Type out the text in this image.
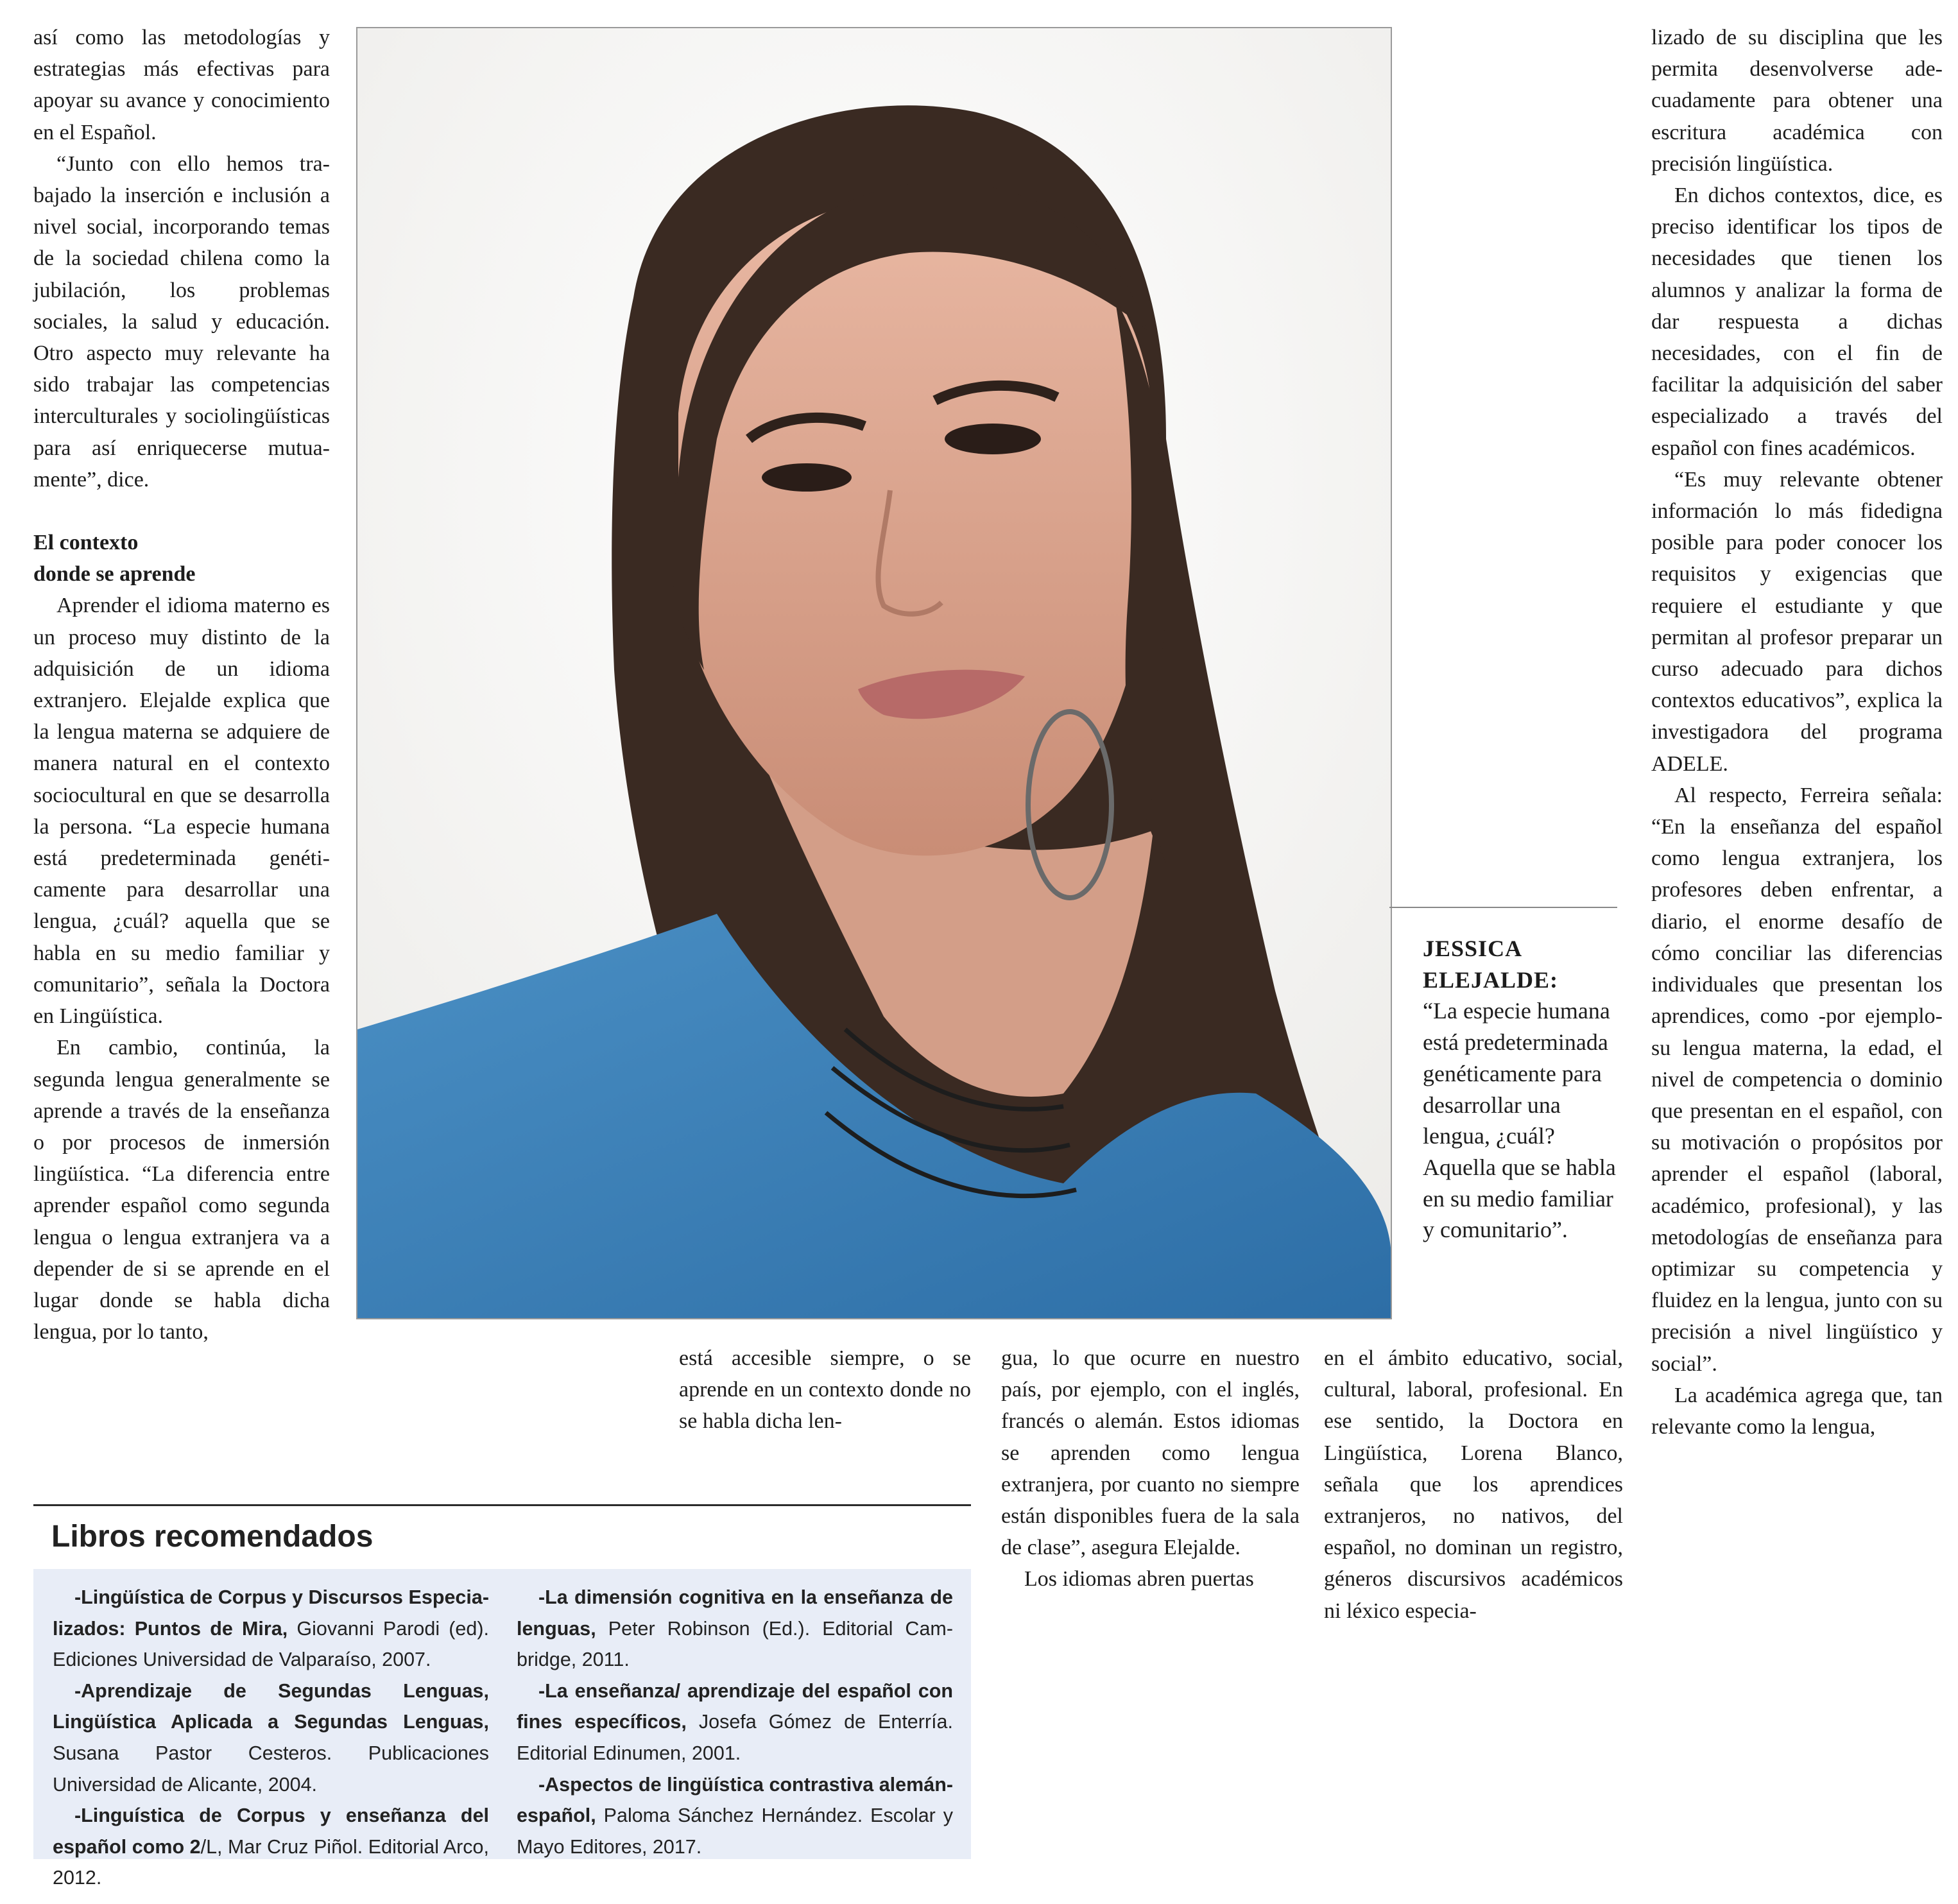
así como las metodologías y estrategias más efectivas para apoyar su avance y conocimiento en el Español.

“Junto con ello hemos trabajado la inserción e inclusión a nivel social, incorporando temas de la sociedad chilena como la jubilación, los problemas sociales, la salud y educación. Otro aspecto muy relevante ha sido trabajar las competencias interculturales y sociolingüísticas para así enriquecerse mutuamente”, dice.

El contexto
donde se aprende

Aprender el idioma materno es un proceso muy distinto de la adquisición de un idioma extranjero. Elejalde explica que la lengua materna se adquiere de manera natural en el contexto sociocultural en que se desarrolla la persona. “La especie humana está predeterminada genéticamente para desarrollar una lengua, ¿cuál? aquella que se habla en su medio familiar y comunitario”, señala la Doctora en Lingüística.

En cambio, continúa, la segunda lengua generalmente se aprende a través de la enseñanza o por procesos de inmersión lingüística. “La diferencia entre aprender español como segunda lengua o lengua extranjera va a depender de si se aprende en el lugar donde se habla dicha lengua, por lo tanto,

JESSICA
ELEJALDE:
“La especie humana está predeterminada genéticamente para desarrollar una lengua, ¿cuál? Aquella que se habla en su medio familiar y comunitario”.

está accesible siempre, o se aprende en un contexto donde no se habla dicha len-

gua, lo que ocurre en nuestro país, por ejemplo, con el inglés, francés o alemán. Estos idiomas se aprenden como lengua extranjera, por cuanto no siempre están disponibles fuera de la sala de clase”, asegura Elejalde.

Los idiomas abren puertas

en el ámbito educativo, social, cultural, laboral, profesional. En ese sentido, la Doctora en Lingüística, Lorena Blanco, señala que los aprendices extranjeros, no nativos, del español, no dominan un registro, géneros discursivos académicos ni léxico especia-

lizado de su disciplina que les permita desenvolverse adecuadamente para obtener una escritura académica con precisión lingüística.

En dichos contextos, dice, es preciso identificar los tipos de necesidades que tienen los alumnos y analizar la forma de dar respuesta a dichas necesidades, con el fin de facilitar la adquisición del saber especializado a través del español con fines académicos.

“Es muy relevante obtener información lo más fidedigna posible para poder conocer los requisitos y exigencias que requiere el estudiante y que permitan al profesor preparar un curso adecuado para dichos contextos educativos”, explica la investigadora del programa ADELE.

Al respecto, Ferreira señala: “En la enseñanza del español como lengua extranjera, los profesores deben enfrentar, a diario, el enorme desafío de cómo conciliar las diferencias individuales que presentan los aprendices, como -por ejemplo- su lengua materna, la edad, el nivel de competencia o dominio que presentan en el español, con su motivación o propósitos por aprender el español (laboral, académico, profesional), y las metodologías de enseñanza para optimizar su competencia y fluidez en la lengua, junto con su precisión a nivel lingüístico y social”.

La académica agrega que, tan relevante como la lengua,

Libros recomendados

-Lingüística de Corpus y Discursos Especializados: Puntos de Mira, Giovanni Parodi (ed). Ediciones Universidad de Valparaíso, 2007.

-Aprendizaje de Segundas Lenguas, Lingüística Aplicada a Segundas Lenguas, Susana Pastor Cesteros. Publicaciones Universidad de Alicante, 2004.

-Linguística de Corpus y enseñanza del español como 2/L, Mar Cruz Piñol. Editorial Arco, 2012.

-La dimensión cognitiva en la enseñanza de lenguas, Peter Robinson (Ed.). Editorial Cambridge, 2011.

-La enseñanza/ aprendizaje del español con fines específicos, Josefa Gómez de Enterría. Editorial Edinumen, 2001.

-Aspectos de lingüística contrastiva alemán-español, Paloma Sánchez Hernández. Escolar y Mayo Editores, 2017.
